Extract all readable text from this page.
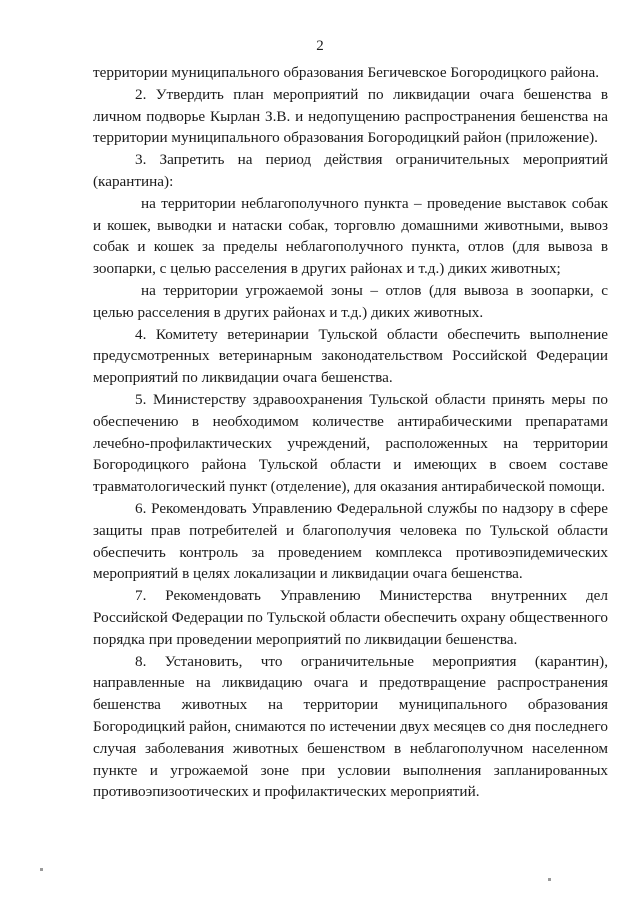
2

территории муниципального образования Бегичевское Богородицкого района.

2. Утвердить план мероприятий по ликвидации очага бешенства в личном подворье Кырлан З.В. и недопущению распространения бешенства на территории муниципального образования Богородицкий район (приложение).

3. Запретить на период действия ограничительных мероприятий (карантина):

на территории неблагополучного пункта – проведение выставок собак и кошек, выводки и натаски собак, торговлю домашними животными, вывоз собак и кошек за пределы неблагополучного пункта, отлов (для вывоза в зоопарки, с целью расселения в других районах и т.д.) диких животных;

на территории угрожаемой зоны – отлов (для вывоза в зоопарки, с целью расселения в других районах и т.д.) диких животных.

4. Комитету ветеринарии Тульской области обеспечить выполнение предусмотренных ветеринарным законодательством Российской Федерации мероприятий по ликвидации очага бешенства.

5. Министерству здравоохранения Тульской области принять меры по обеспечению в необходимом количестве антирабическими препаратами лечебно-профилактических учреждений, расположенных на территории Богородицкого района Тульской области и имеющих в своем составе травматологический пункт (отделение), для оказания антирабической помощи.

6. Рекомендовать Управлению Федеральной службы по надзору в сфере защиты прав потребителей и благополучия человека по Тульской области обеспечить контроль за проведением комплекса противоэпидемических мероприятий в целях локализации и ликвидации очага бешенства.

7. Рекомендовать Управлению Министерства внутренних дел Российской Федерации по Тульской области обеспечить охрану общественного порядка при проведении мероприятий по ликвидации бешенства.

8. Установить, что ограничительные мероприятия (карантин), направленные на ликвидацию очага и предотвращение распространения бешенства животных на территории муниципального образования Богородицкий район, снимаются по истечении двух месяцев со дня последнего случая заболевания животных бешенством в неблагополучном населенном пункте и угрожаемой зоне при условии выполнения запланированных противоэпизоотических и профилактических мероприятий.
